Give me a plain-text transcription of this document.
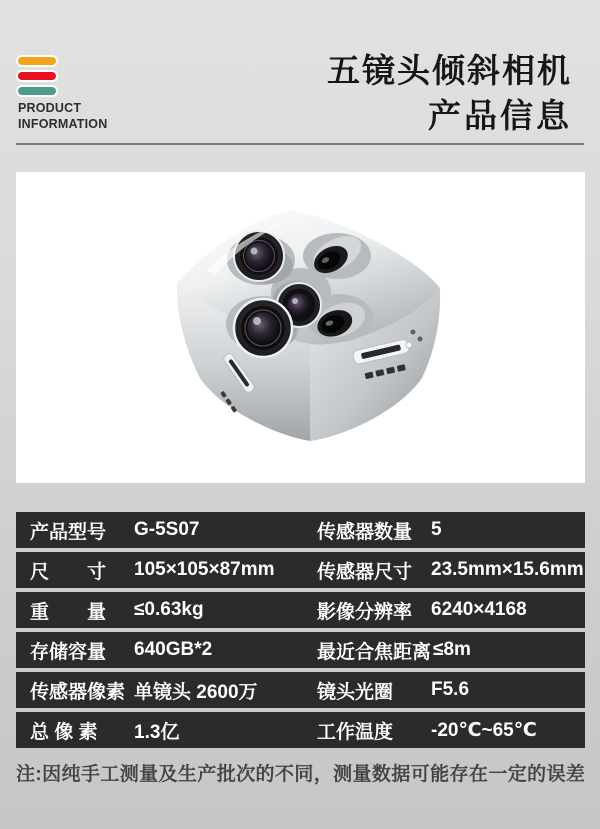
PRODUCT
INFORMATION
五镜头倾斜相机
产品信息
产品型号	G-5S07	传感器数量 5
尺　　寸	105×105×87mm	传感器尺寸 23.5mm×15.6mm
重　　量	≤0.63kg	影像分辨率 6240×4168
存储容量	640GB*2	最近合焦距离 ≤8m
传感器像素 单镜头 2600万	镜头光圈	F5.6
总 像 素	1.3亿	工作温度	-20℃~65℃
注:因纯手工测量及生产批次的不同，测量数据可能存在一定的误差
